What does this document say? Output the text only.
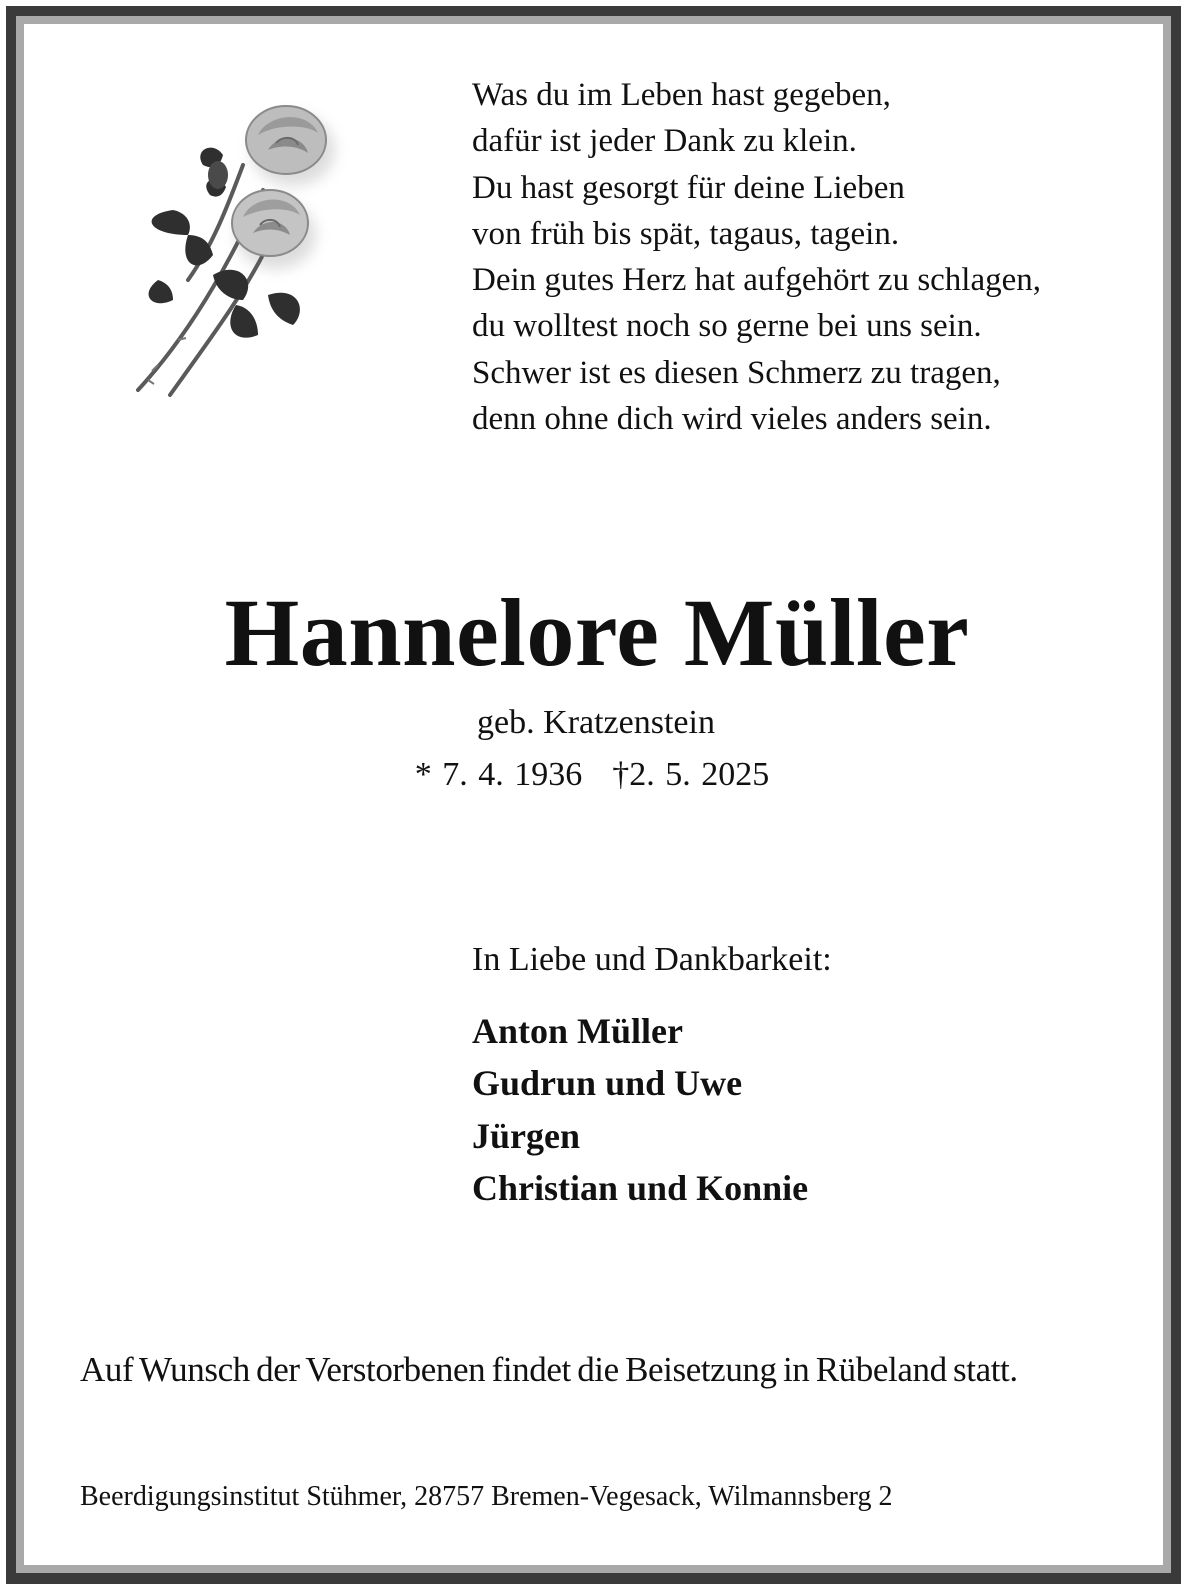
Was du im Leben hast gegeben,
dafür ist jeder Dank zu klein.
Du hast gesorgt für deine Lieben
von früh bis spät, tagaus, tagein.
Dein gutes Herz hat aufgehört zu schlagen,
du wolltest noch so gerne bei uns sein.
Schwer ist es diesen Schmerz zu tragen,
denn ohne dich wird vieles anders sein.
Hannelore Müller
geb. Kratzenstein
* 7. 4. 1936 †2. 5. 2025
In Liebe und Dankbarkeit:
Anton Müller
Gudrun und Uwe
Jürgen
Christian und Konnie
Auf Wunsch der Verstorbenen findet die Beisetzung in Rübeland statt.
Beerdigungsinstitut Stühmer, 28757 Bremen-Vegesack, Wilmannsberg 2
